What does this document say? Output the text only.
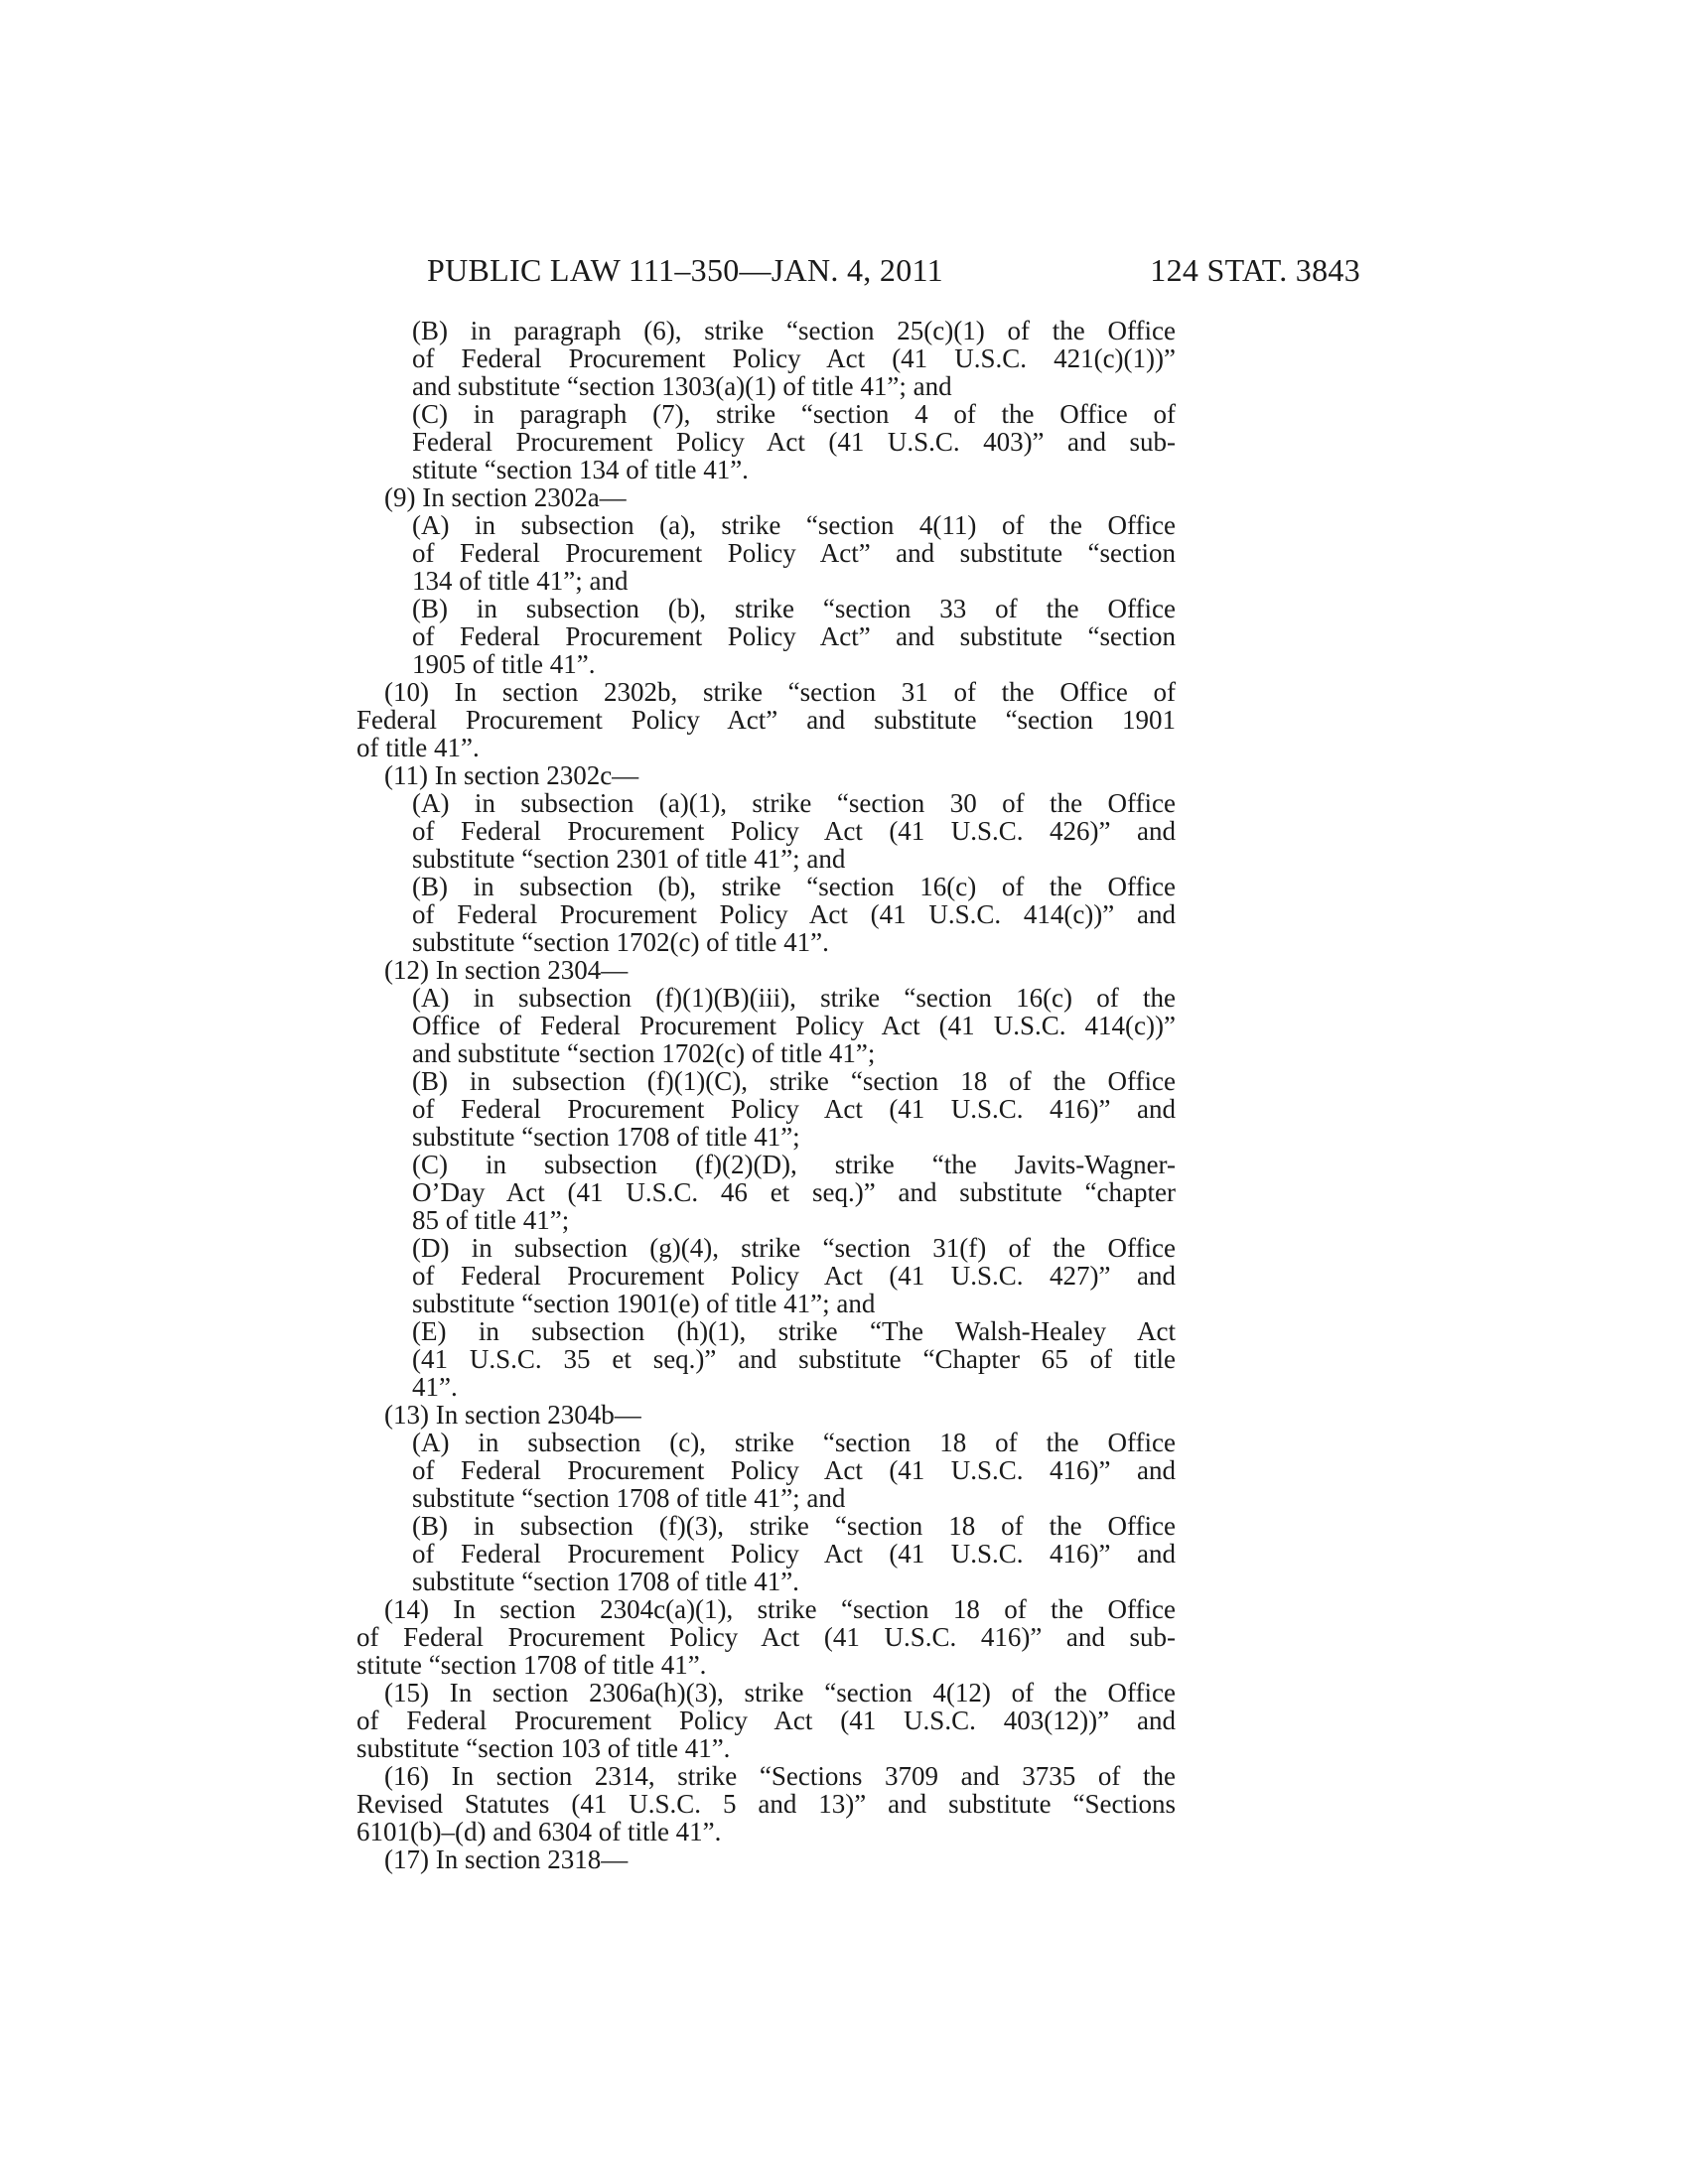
PUBLIC LAW 111–350—JAN. 4, 2011	124 STAT. 3843
(B) in paragraph (6), strike “section 25(c)(1) of the Office
of Federal Procurement Policy Act (41 U.S.C. 421(c)(1))”
and substitute “section 1303(a)(1) of title 41”; and
(C) in paragraph (7), strike “section 4 of the Office of
Federal Procurement Policy Act (41 U.S.C. 403)” and sub-
stitute “section 134 of title 41”.
(9) In section 2302a—
(A) in subsection (a), strike “section 4(11) of the Office
of Federal Procurement Policy Act” and substitute “section
134 of title 41”; and
(B) in subsection (b), strike “section 33 of the Office
of Federal Procurement Policy Act” and substitute “section
1905 of title 41”.
(10) In section 2302b, strike “section 31 of the Office of
Federal Procurement Policy Act” and substitute “section 1901
of title 41”.
(11) In section 2302c—
(A) in subsection (a)(1), strike “section 30 of the Office
of Federal Procurement Policy Act (41 U.S.C. 426)” and
substitute “section 2301 of title 41”; and
(B) in subsection (b), strike “section 16(c) of the Office
of Federal Procurement Policy Act (41 U.S.C. 414(c))” and
substitute “section 1702(c) of title 41”.
(12) In section 2304—
(A) in subsection (f)(1)(B)(iii), strike “section 16(c) of the
Office of Federal Procurement Policy Act (41 U.S.C. 414(c))”
and substitute “section 1702(c) of title 41”;
(B) in subsection (f)(1)(C), strike “section 18 of the Office
of Federal Procurement Policy Act (41 U.S.C. 416)” and
substitute “section 1708 of title 41”;
(C) in subsection (f)(2)(D), strike “the Javits-Wagner-
O’Day Act (41 U.S.C. 46 et seq.)” and substitute “chapter
85 of title 41”;
(D) in subsection (g)(4), strike “section 31(f) of the Office
of Federal Procurement Policy Act (41 U.S.C. 427)” and
substitute “section 1901(e) of title 41”; and
(E) in subsection (h)(1), strike “The Walsh-Healey Act
(41 U.S.C. 35 et seq.)” and substitute “Chapter 65 of title
41”.
(13) In section 2304b—
(A) in subsection (c), strike “section 18 of the Office
of Federal Procurement Policy Act (41 U.S.C. 416)” and
substitute “section 1708 of title 41”; and
(B) in subsection (f)(3), strike “section 18 of the Office
of Federal Procurement Policy Act (41 U.S.C. 416)” and
substitute “section 1708 of title 41”.
(14) In section 2304c(a)(1), strike “section 18 of the Office
of Federal Procurement Policy Act (41 U.S.C. 416)” and sub-
stitute “section 1708 of title 41”.
(15) In section 2306a(h)(3), strike “section 4(12) of the Office
of Federal Procurement Policy Act (41 U.S.C. 403(12))” and
substitute “section 103 of title 41”.
(16) In section 2314, strike “Sections 3709 and 3735 of the
Revised Statutes (41 U.S.C. 5 and 13)” and substitute “Sections
6101(b)–(d) and 6304 of title 41”.
(17) In section 2318—
